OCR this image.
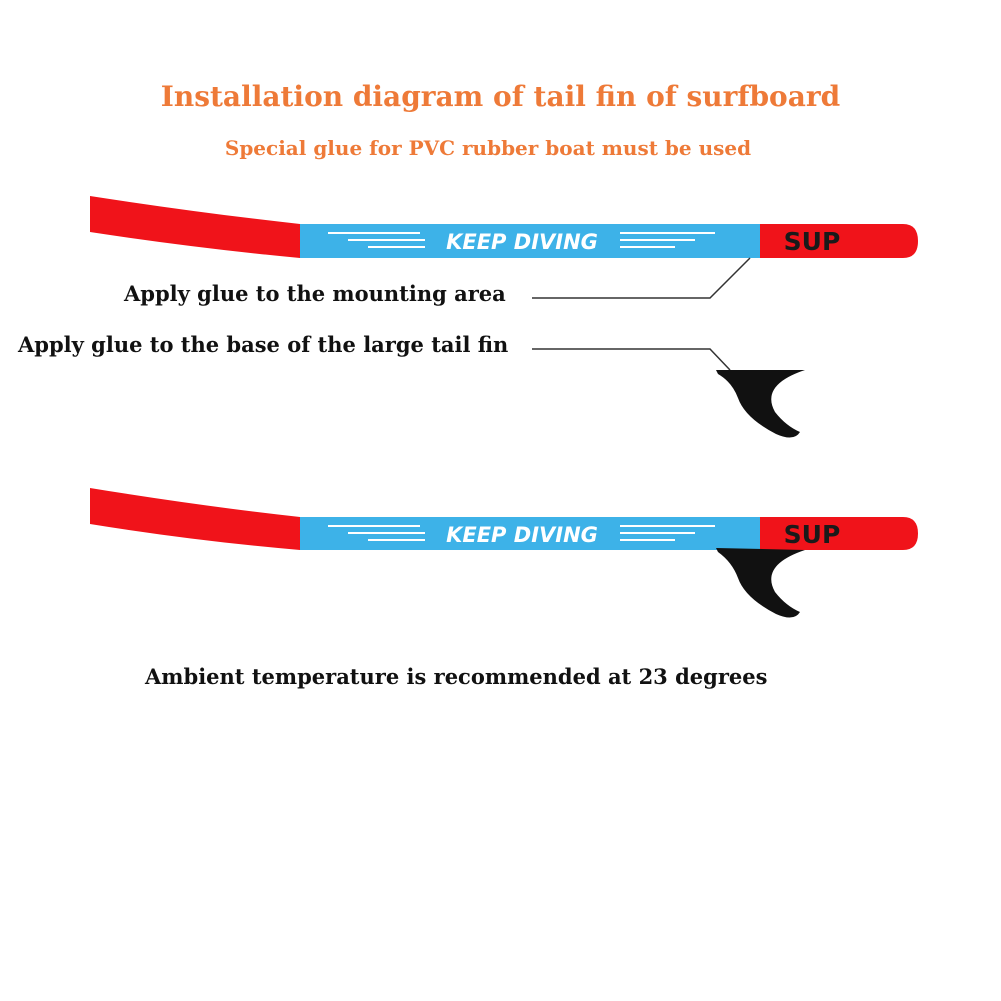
Installation diagram of tail fin of surfboard
Special glue for PVC rubber boat must be used
KEEP DIVING	SUP
KEEP DIVING	SUP
Apply glue to the mounting area
Apply glue to the base of the large tail fin
Ambient temperature is recommended at 23 degrees
